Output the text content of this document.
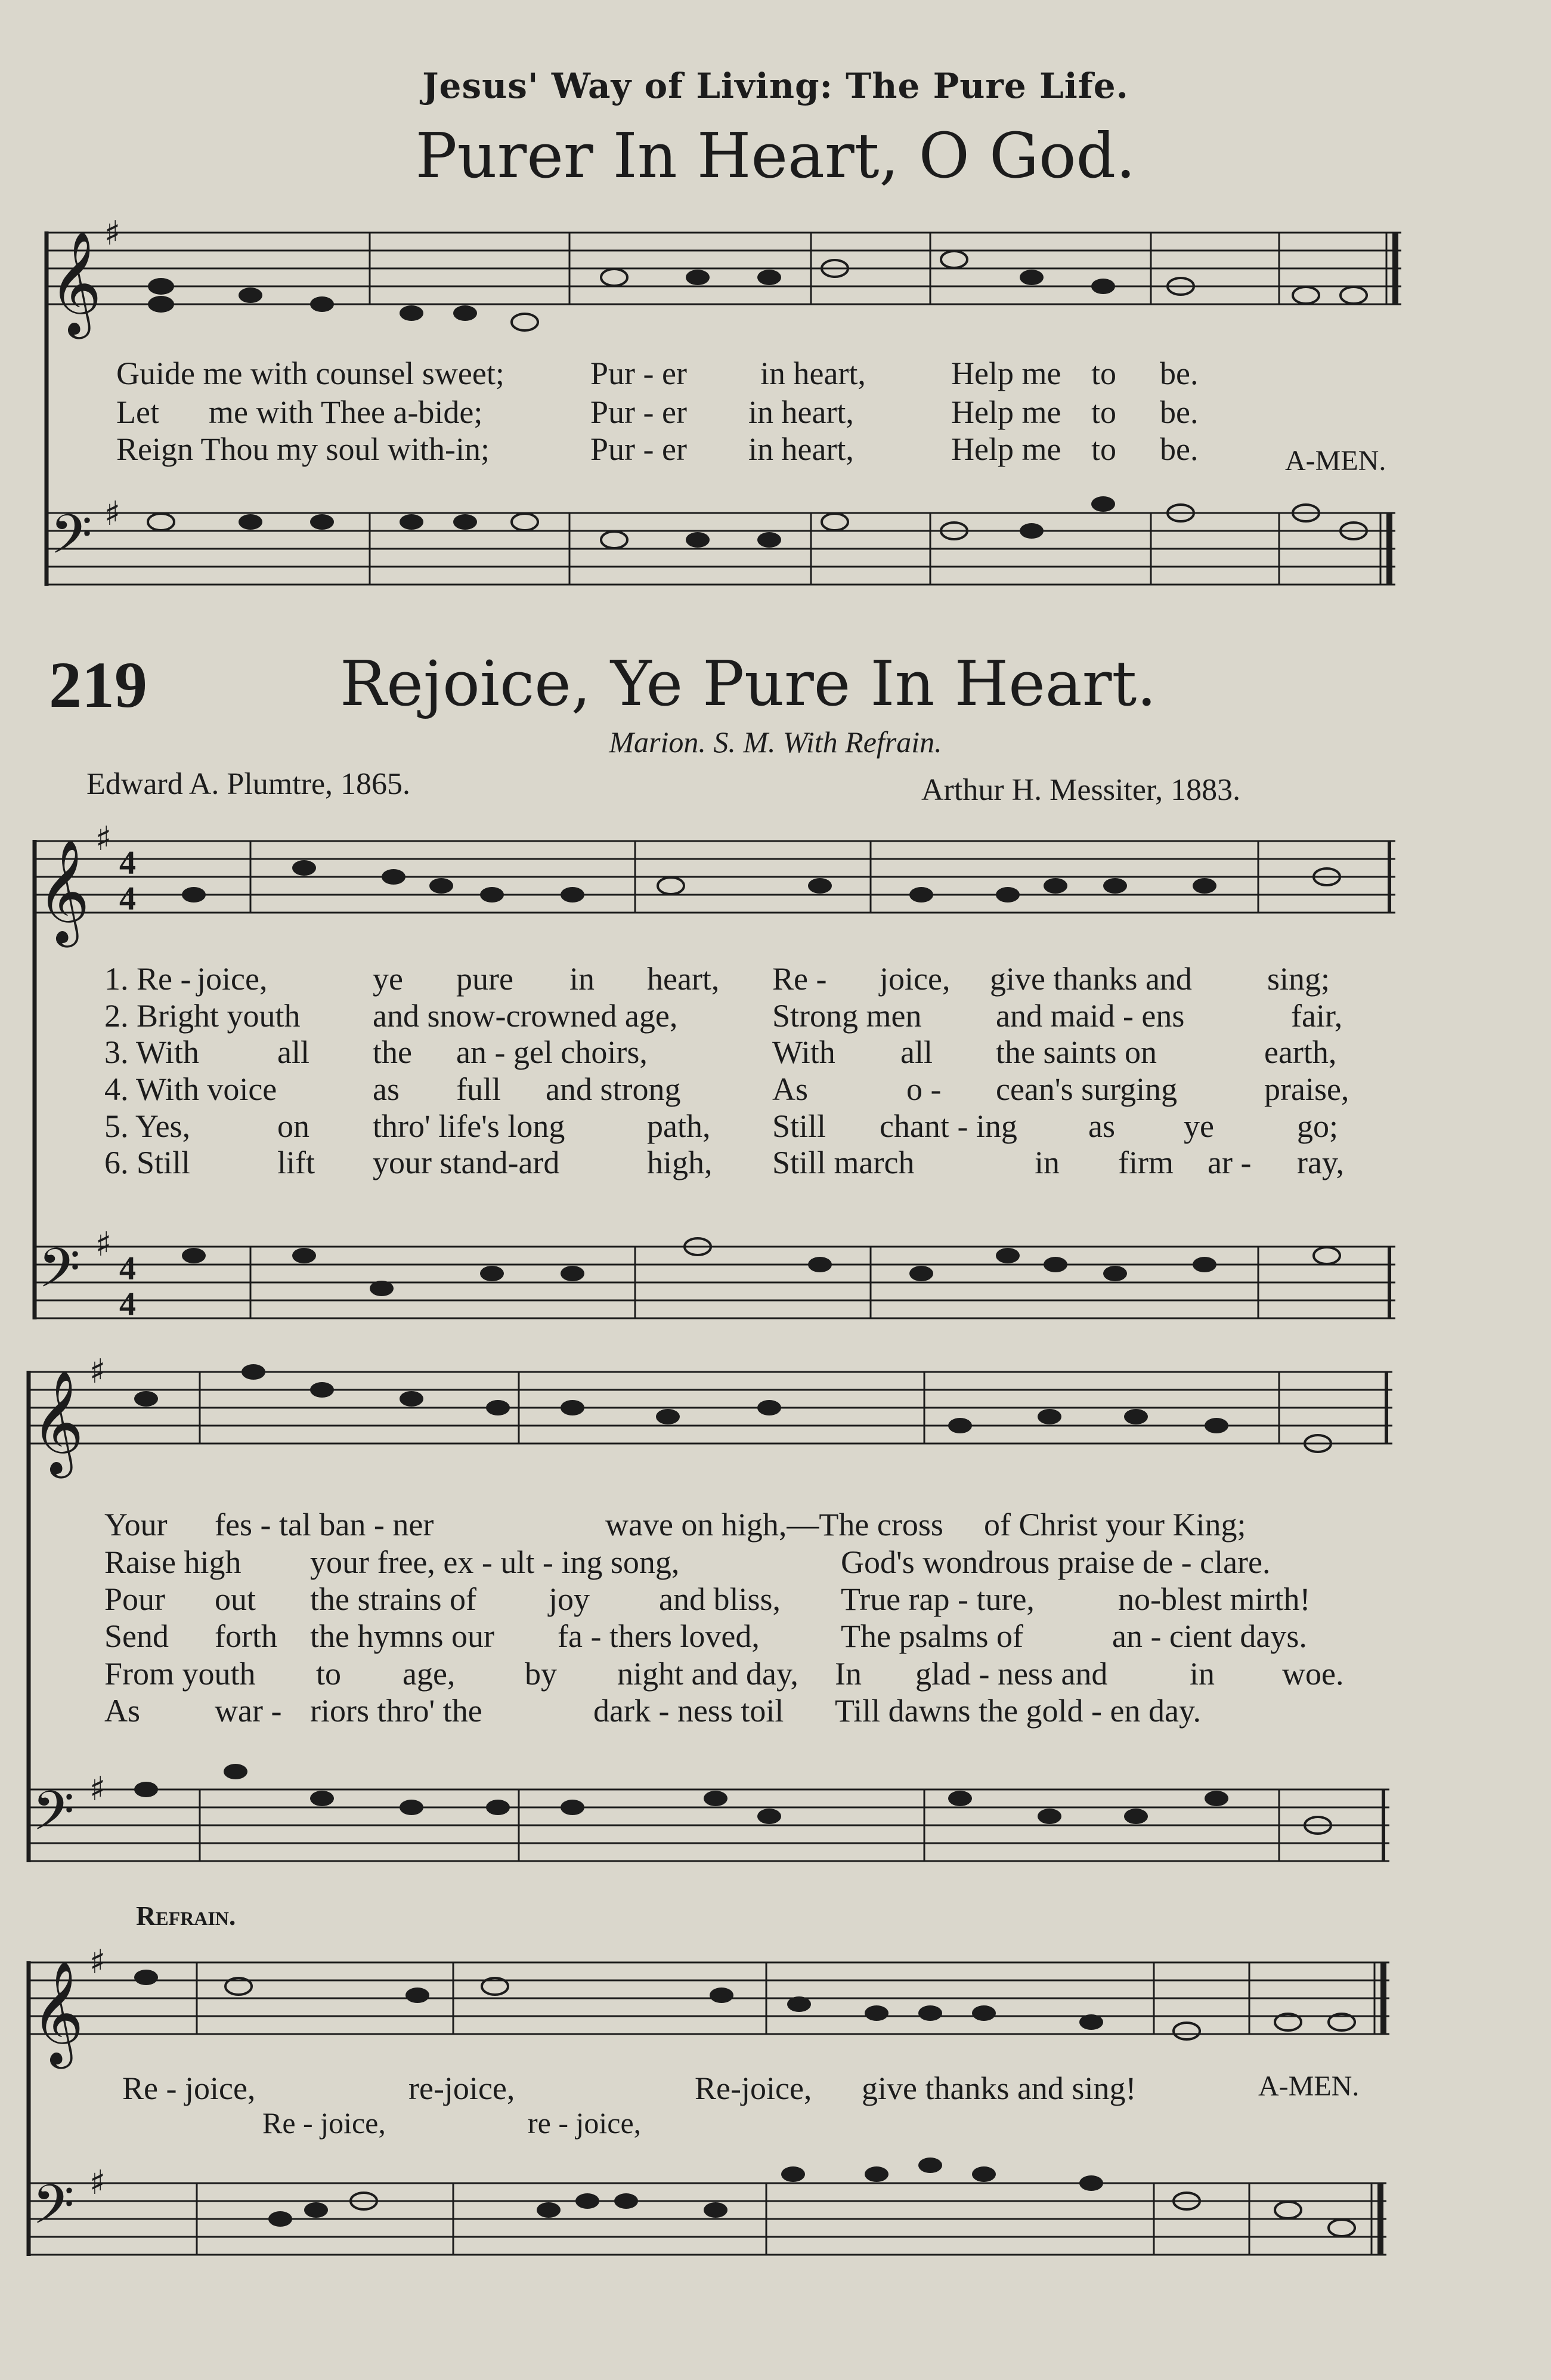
Jesus' Way of Living: The Pure Life.
Purer In Heart, O God.
𝄞
𝄢
𝄞
𝄢
𝄞
𝄢
𝄞
𝄢
♯
♯
♯
♯
♯
♯
♯
♯
4
4
4
4
Guide me with counsel sweet;	Pur - er in heart,	Help me to be.
Let me with Thee a-bide;	Pur - er in heart,	Help me to be.
Reign Thou my soul with-in;	Pur - er in heart,	Help me to be.	A-MEN.
219	Rejoice, Ye Pure In Heart.
Marion. S. M. With Refrain.
Edward A. Plumtre, 1865.	Arthur H. Messiter, 1883.
1. Re - joice,	ye pure in heart, Re - joice, give thanks and sing;
2. Bright youth and snow-crowned age,	Strong men and maid - ens	fair,
3. With all the an - gel choirs,	With all the saints on	earth,
4. With voice	as full and strong	As	o - cean's surging	praise,
5. Yes,	on thro' life's long	path, Still chant - ing as ye	go;
6. Still	lift your stand-ard	high, Still march	in firm ar - ray,
Your fes - tal ban - ner	wave on high,—The cross of Christ your King;
Raise high your free, ex - ult - ing song,	God's wondrous praise de - clare.
Pour out the strains of joy and bliss, True rap - ture,	no-blest mirth!
Send forth the hymns our fa - thers loved,	The psalms of	an - cient days.
From youth to age, by night and day, In glad - ness and	in woe.
As war - riors thro' the	dark - ness toil Till dawns the gold - en day.
Refrain.
Re - joice,	re-joice,	Re-joice, give thanks and sing!	A-MEN.
Re - joice,	re - joice,
